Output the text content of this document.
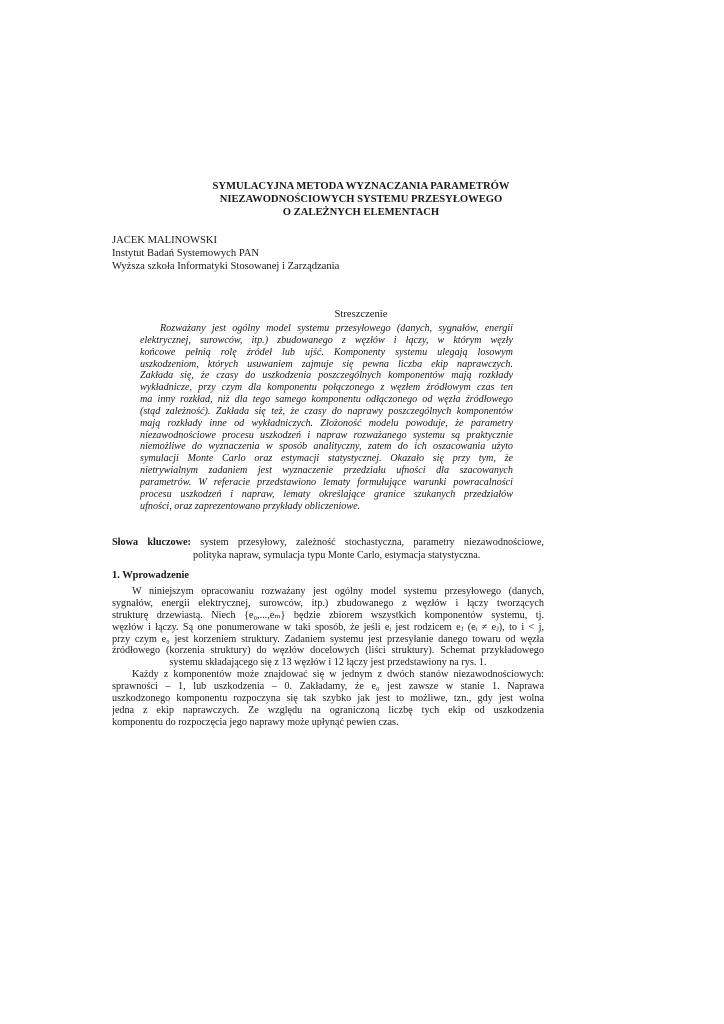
SYMULACYJNA METODA WYZNACZANIA PARAMETRÓW
NIEZAWODNOŚCIOWYCH SYSTEMU PRZESYŁOWEGO
O ZALEŻNYCH ELEMENTACH
JACEK MALINOWSKI
Instytut Badań Systemowych PAN
Wyższa szkoła Informatyki Stosowanej i Zarządzania
Streszczenie
Rozważany jest ogólny model systemu przesyłowego (danych, sygnałów, energii
elektrycznej, surowców, itp.) zbudowanego z węzłów i łączy, w którym węzły
końcowe pełnią rolę źródeł lub ujść. Komponenty systemu ulegają losowym
uszkodzeniom, których usuwaniem zajmuje się pewna liczba ekip naprawczych.
Zakłada się, że czasy do uszkodzenia poszczególnych komponentów mają rozkłady
wykładnicze, przy czym dla komponentu połączonego z węzłem źródłowym czas ten
ma inny rozkład, niż dla tego samego komponentu odłączonego od węzła źródłowego
(stąd zależność). Zakłada się też, że czasy do naprawy poszczególnych komponentów
mają rozkłady inne od wykładniczych. Złożoność modelu powoduje, że parametry
niezawodnościowe procesu uszkodzeń i napraw rozważanego systemu są praktycznie
niemożliwe do wyznaczenia w sposób analityczny, zatem do ich oszacowania użyto
symulacji Monte Carlo oraz estymacji statystycznej. Okazało się przy tym, że
nietrywialnym zadaniem jest wyznaczenie przedziału ufności dla szacowanych
parametrów. W referacie przedstawiono lematy formułujące warunki powracalności
procesu uszkodzeń i napraw, lematy określające granice szukanych przedziałów
ufności, oraz zaprezentowano przykłady obliczeniowe.
Słowa kluczowe: system przesyłowy, zależność stochastyczna, parametry niezawodnościowe,
polityka napraw, symulacja typu Monte Carlo, estymacja statystyczna.
1. Wprowadzenie
W niniejszym opracowaniu rozważany jest ogólny model systemu przesyłowego (danych,
sygnałów, energii elektrycznej, surowców, itp.) zbudowanego z węzłów i łączy tworzących
strukturę drzewiastą. Niech {e₀,...,eₘ} będzie zbiorem wszystkich komponentów systemu, tj.
węzłów i łączy. Są one ponumerowane w taki sposób, że jeśli eᵢ jest rodzicem eⱼ (eᵢ ≠ eⱼ), to i < j,
przy czym e₀ jest korzeniem struktury. Zadaniem systemu jest przesyłanie danego towaru od węzła
źródłowego (korzenia struktury) do węzłów docelowych (liści struktury). Schemat przykładowego
systemu składającego się z 13 węzłów i 12 łączy jest przedstawiony na rys. 1.
Każdy z komponentów może znajdować się w jednym z dwóch stanów niezawodnościowych:
sprawności – 1, lub uszkodzenia – 0. Zakładamy, że e₀ jest zawsze w stanie 1. Naprawa
uszkodzonego komponentu rozpoczyna się tak szybko jak jest to możliwe, tzn., gdy jest wolna
jedna z ekip naprawczych. Ze względu na ograniczoną liczbę tych ekip od uszkodzenia
komponentu do rozpoczęcia jego naprawy może upłynąć pewien czas.
